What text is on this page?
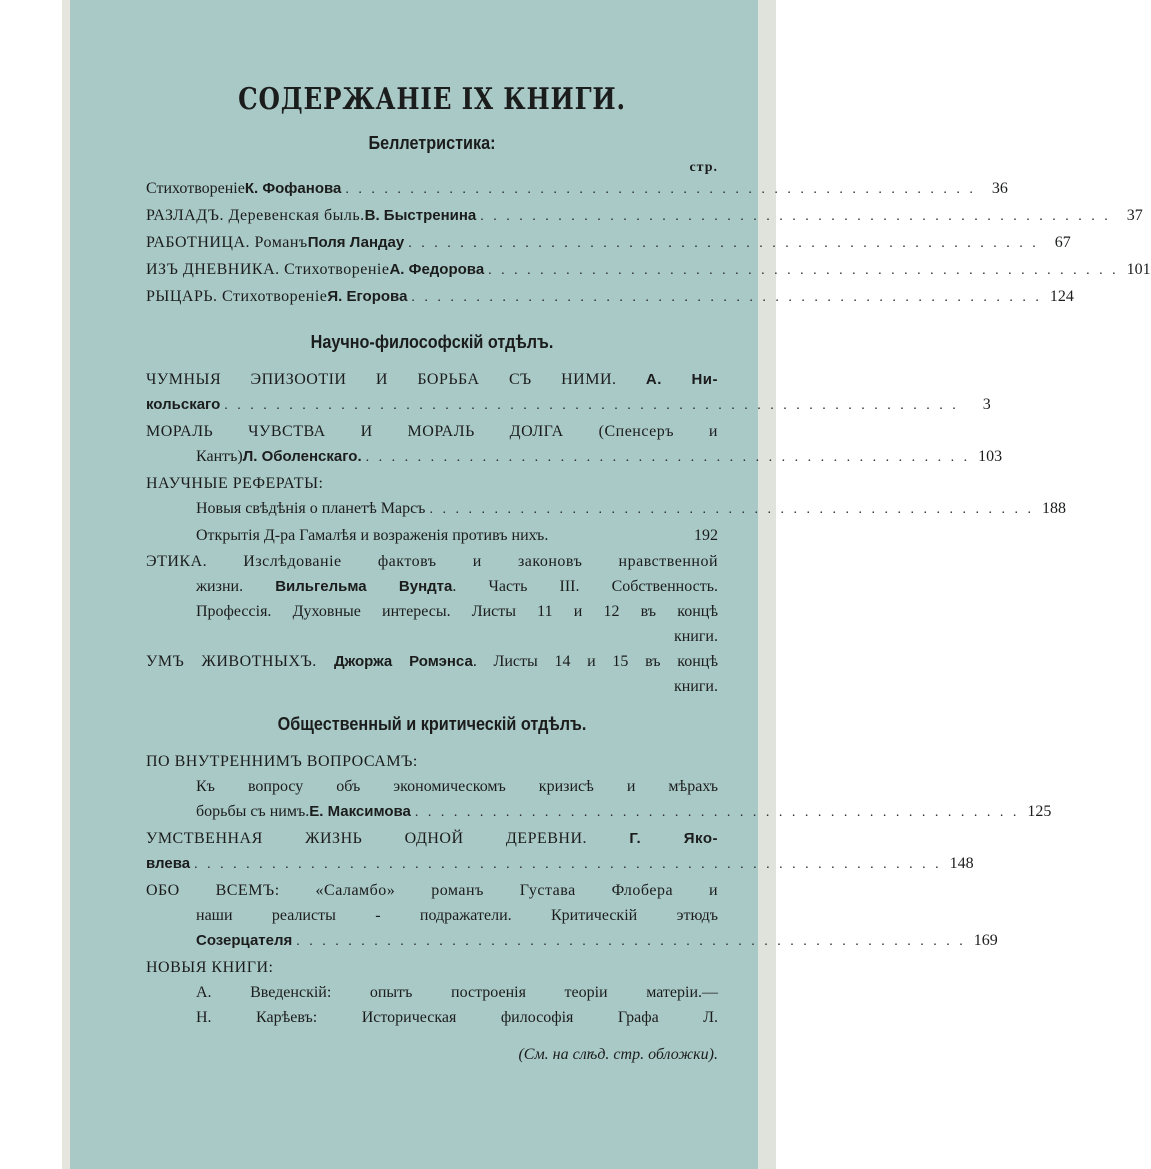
СОДЕРЖАНІЕ IX КНИГИ.
Беллетристика:
стр.
Стихотвореніе К. Фофанова . . . . . . . . . . . . . . . . . . . . . . . . . . . . . . . . . . . . . . . . . . . . . . . . .	36
РАЗЛАДЪ. Деревенская быль. В. Быстренина . . . . . . . . . . . . . . . . . . . . . . . . . . . . . . . . . . . . . . . . . . . . . . . . .	37
РАБОТНИЦА. Романъ Поля Ландау . . . . . . . . . . . . . . . . . . . . . . . . . . . . . . . . . . . . . . . . . . . . . . . . .	67
ИЗЪ ДНЕВНИКА. Стихотвореніе А. Федорова . . . . . . . . . . . . . . . . . . . . . . . . . . . . . . . . . . . . . . . . . . . . . . . . . 101
РЫЦАРЬ. Стихотвореніе Я. Егорова . . . . . . . . . . . . . . . . . . . . . . . . . . . . . . . . . . . . . . . . . . . . . . . . . 124
Научно-философскій отдѣлъ.
ЧУМНЫЯ ЭПИЗООТІИ И БОРЬБА СЪ НИМИ. А. Ни-
кольскаго . . . . . . . . . . . . . . . . . . . . . . . . . . . . . . . . . . . . . . . . . . . . . . . . . . . . . . . . .	3
МОРАЛЬ ЧУВСТВА И МОРАЛЬ ДОЛГА (Спенсеръ и
Кантъ) Л. Оболенскаго. . . . . . . . . . . . . . . . . . . . . . . . . . . . . . . . . . . . . . . . . . . . . . . . 103
НАУЧНЫЕ РЕФЕРАТЫ:
Новыя свѣдѣнія о планетѣ Марсъ . . . . . . . . . . . . . . . . . . . . . . . . . . . . . . . . . . . . . . . . . . . . . . . 188
Открытія Д-ра Гамалѣя и возраженія противъ нихъ.	192
ЭТИКА. Изслѣдованіе фактовъ и законовъ нравственной
жизни. Вильгельма Вундта. Часть III. Собственность.
Профессія. Духовные интересы. Листы 11 и 12 въ концѣ
книги.
УМЪ ЖИВОТНЫХЪ. Джоржа Ромэнса. Листы 14 и 15 въ концѣ
книги.
Общественный и критическій отдѣлъ.
ПО ВНУТРЕННИМЪ ВОПРОСАМЪ:
Къ вопросу объ экономическомъ кризисѣ и мѣрахъ
борьбы съ нимъ. Е. Максимова . . . . . . . . . . . . . . . . . . . . . . . . . . . . . . . . . . . . . . . . . . . . . . . 125
УМСТВЕННАЯ ЖИЗНЬ ОДНОЙ ДЕРЕВНИ. Г. Яко-
влева . . . . . . . . . . . . . . . . . . . . . . . . . . . . . . . . . . . . . . . . . . . . . . . . . . . . . . . . . . 148
ОБО ВСЕМЪ: «Саламбо» романъ Густава Флобера и
наши реалисты - подражатели. Критическій этюдъ
Созерцателя . . . . . . . . . . . . . . . . . . . . . . . . . . . . . . . . . . . . . . . . . . . . . . . . . . . . 169
НОВЫЯ КНИГИ:
А. Введенскій: опытъ построенія теоріи матеріи.—
Н. Карѣевъ: Историческая философія Графа Л.
(См. на слѣд. стр. обложки).
